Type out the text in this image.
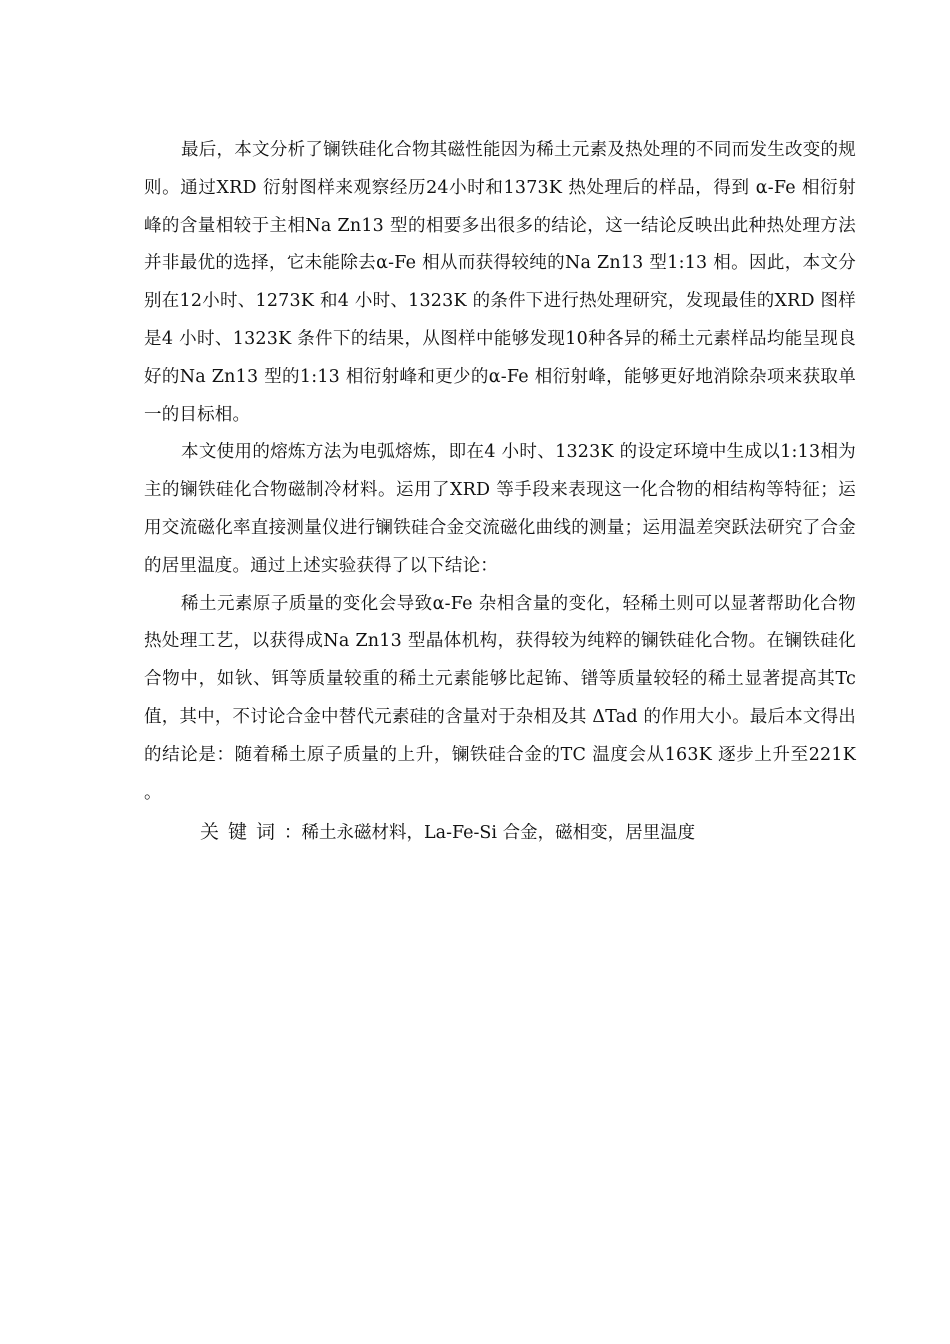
最后，本文分析了镧铁硅化合物其磁性能因为稀土元素及热处理的不同而发生改变的规则。通过XRD 衍射图样来观察经历24小时和1373K 热处理后的样品，得到 α-Fe 相衍射峰的含量相较于主相Na Zn13 型的相要多出很多的结论，这一结论反映出此种热处理方法并非最优的选择，它未能除去α-Fe 相从而获得较纯的Na Zn13 型1:13 相。因此，本文分别在12小时、1273K 和4 小时、1323K 的条件下进行热处理研究，发现最佳的XRD 图样是4 小时、1323K 条件下的结果，从图样中能够发现10种各异的稀土元素样品均能呈现良好的Na Zn13 型的1:13 相衍射峰和更少的α-Fe 相衍射峰，能够更好地消除杂项来获取单一的目标相。

本文使用的熔炼方法为电弧熔炼，即在4 小时、1323K 的设定环境中生成以1:13相为主的镧铁硅化合物磁制冷材料。运用了XRD 等手段来表现这一化合物的相结构等特征；运用交流磁化率直接测量仪进行镧铁硅合金交流磁化曲线的测量；运用温差突跃法研究了合金的居里温度。通过上述实验获得了以下结论：

稀土元素原子质量的变化会导致α-Fe 杂相含量的变化，轻稀土则可以显著帮助化合物热处理工艺，以获得成Na Zn13 型晶体机构，获得较为纯粹的镧铁硅化合物。在镧铁硅化合物中，如钬、铒等质量较重的稀土元素能够比起钸、镨等质量较轻的稀土显著提高其Tc值，其中，不讨论合金中替代元素硅的含量对于杂相及其 ΔTad 的作用大小。最后本文得出的结论是：随着稀土原子质量的上升，镧铁硅合金的TC 温度会从163K 逐步上升至221K 。

关键词：稀土永磁材料，La-Fe-Si 合金，磁相变，居里温度
